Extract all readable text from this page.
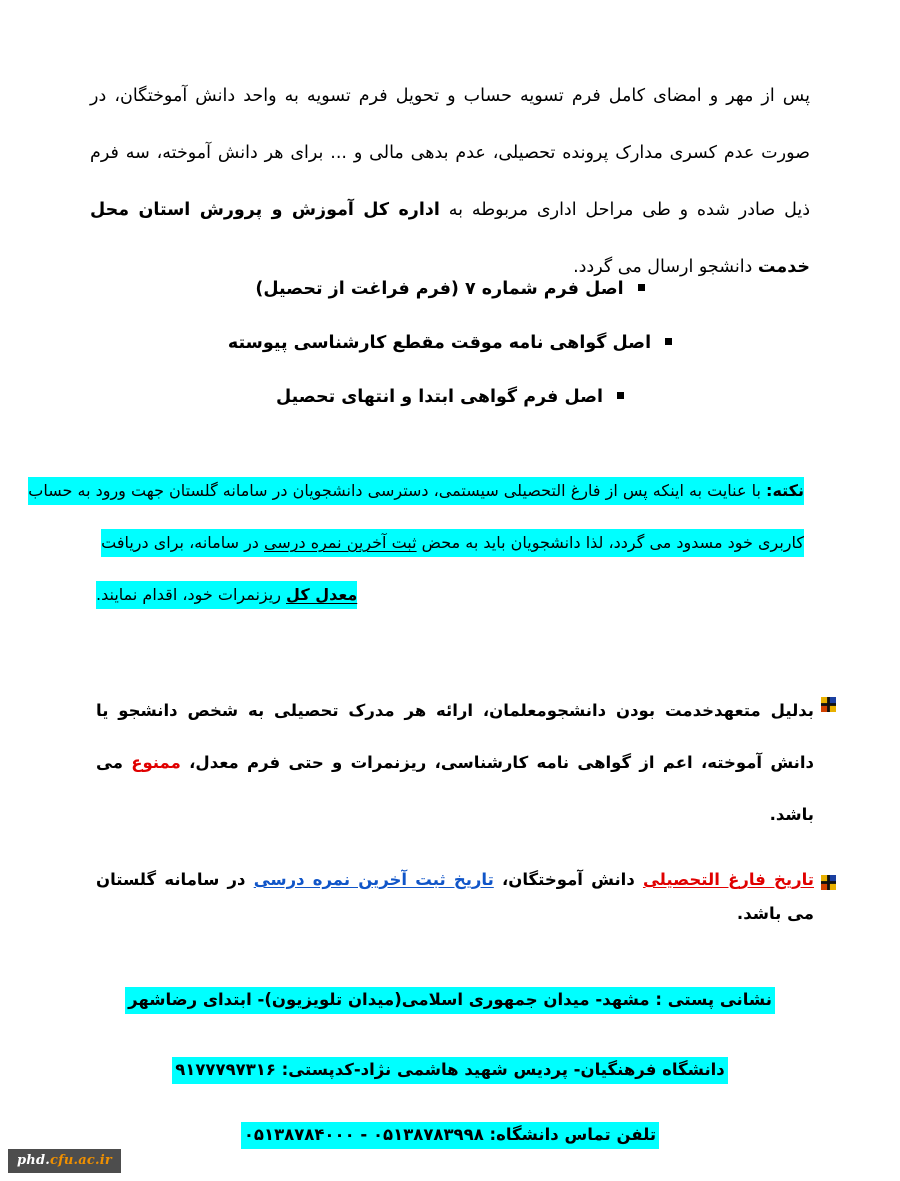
پس از مهر و امضای کامل فرم تسویه حساب و تحویل فرم تسویه به واحد دانش آموختگان، در صورت عدم کسری مدارک پرونده تحصیلی، عدم بدهی مالی و ... برای هر دانش آموخته، سه فرم ذیل صادر شده و طی مراحل اداری مربوطه به اداره کل آموزش و پرورش استان محل خدمت دانشجو ارسال می گردد.

اصل فرم شماره ۷ (فرم فراغت از تحصیل)
اصل گواهی نامه موقت مقطع کارشناسی پیوسته
اصل فرم گواهی ابتدا و انتهای تحصیل
نکته: با عنایت به اینکه پس از فارغ التحصیلی سیستمی، دسترسی دانشجویان در سامانه گلستان جهت ورود به حساب
کاربری خود مسدود می گردد، لذا دانشجویان باید به محض ثبت آخرین نمره درسی در سامانه، برای دریافت
معدل کل ریزنمرات خود، اقدام نمایند.

بدلیل متعهدخدمت بودن دانشجومعلمان، ارائه هر مدرک تحصیلی به شخص دانشجو یا دانش آموخته، اعم از گواهی نامه کارشناسی، ریزنمرات و حتی فرم معدل، ممنوع می باشد.

تاریخ فارغ التحصیلی دانش آموختگان، تاریخ ثبت آخرین نمره درسی در سامانه گلستان می باشد.

نشانی پستی : مشهد- میدان جمهوری اسلامی(میدان تلویزیون)- ابتدای رضاشهر
دانشگاه فرهنگیان- پردیس شهید هاشمی نژاد-کدپستی: ۹۱۷۷۷۹۷۳۱۶
تلفن تماس دانشگاه: ۰۵۱۳۸۷۸۳۹۹۸ - ۰۵۱۳۸۷۸۴۰۰۰
phd.cfu.ac.ir
